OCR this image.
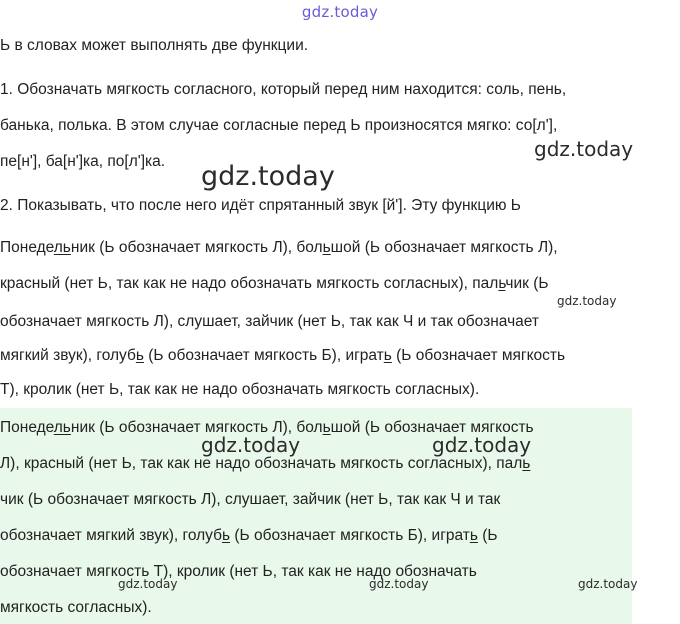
gdz.today
Ь в словах может выполнять две функции.
1. Обозначать мягкость согласного, который перед ним находится: соль, пень,
банька, полька. В этом случае согласные перед Ь произносятся мягко: со[л'],
пе[н'], ба[н']ка, по[л']ка.
2. Показывать, что после него идёт спрятанный звук [й']. Эту функцию Ь
Понедельник (Ь обозначает мягкость Л), большой (Ь обозначает мягкость Л),
красный (нет Ь, так как не надо обозначать мягкость согласных), пальчик (Ь
обозначает мягкость Л), слушает, зайчик (нет Ь, так как Ч и так обозначает
мягкий звук), голубь (Ь обозначает мягкость Б), играть (Ь обозначает мягкость
Т), кролик (нет Ь, так как не надо обозначать мягкость согласных).
Понедельник (Ь обозначает мягкость Л), большой (Ь обозначает мягкость
Л), красный (нет Ь, так как не надо обозначать мягкость согласных), паль
чик (Ь обозначает мягкость Л), слушает, зайчик (нет Ь, так как Ч и так
обозначает мягкий звук), голубь (Ь обозначает мягкость Б), играть (Ь
обозначает мягкость Т), кролик (нет Ь, так как не надо обозначать
мягкость согласных).
gdz.today
gdz.today
gdz.today
gdz.today	gdz.today
gdz.today	gdz.today	gdz.today
